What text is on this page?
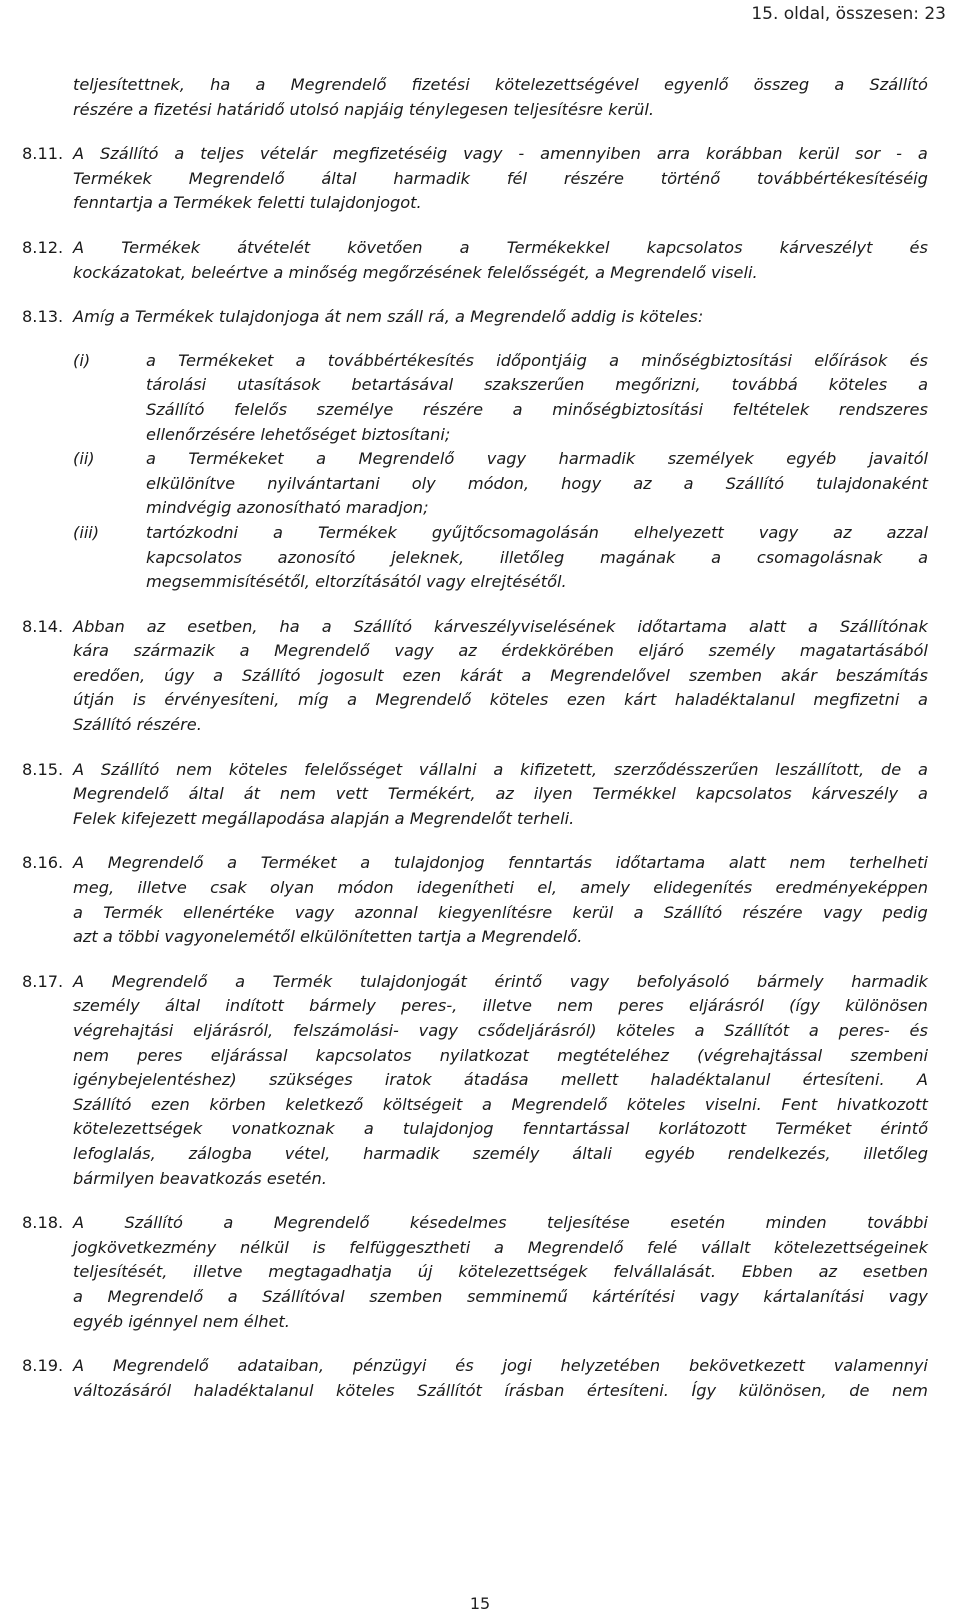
15. oldal, összesen: 23
teljesítettnek, ha a Megrendelő fizetési kötelezettségével egyenlő összeg a Szállító
részére a fizetési határidő utolsó napjáig ténylegesen teljesítésre kerül.
8.11. A Szállító a teljes vételár megfizetéséig vagy - amennyiben arra korábban kerül sor - a
Termékek Megrendelő által harmadik fél részére történő továbbértékesítéséig
fenntartja a Termékek feletti tulajdonjogot.
8.12. A Termékek átvételét követően a Termékekkel kapcsolatos kárveszélyt és
kockázatokat, beleértve a minőség megőrzésének felelősségét, a Megrendelő viseli.
8.13. Amíg a Termékek tulajdonjoga át nem száll rá, a Megrendelő addig is köteles:
(i)	a Termékeket a továbbértékesítés időpontjáig a minőségbiztosítási előírások és
tárolási utasítások betartásával szakszerűen megőrizni, továbbá köteles a
Szállító felelős személye részére a minőségbiztosítási feltételek rendszeres
ellenőrzésére lehetőséget biztosítani;
(ii)	a Termékeket a Megrendelő vagy harmadik személyek egyéb javaitól
elkülönítve nyilvántartani oly módon, hogy az a Szállító tulajdonaként
mindvégig azonosítható maradjon;
(iii)	tartózkodni a Termékek gyűjtőcsomagolásán elhelyezett vagy az azzal
kapcsolatos azonosító jeleknek, illetőleg magának a csomagolásnak a
megsemmisítésétől, eltorzításától vagy elrejtésétől.
8.14. Abban az esetben, ha a Szállító kárveszélyviselésének időtartama alatt a Szállítónak
kára származik a Megrendelő vagy az érdekkörében eljáró személy magatartásából
eredően, úgy a Szállító jogosult ezen kárát a Megrendelővel szemben akár beszámítás
útján is érvényesíteni, míg a Megrendelő köteles ezen kárt haladéktalanul megfizetni a
Szállító részére.
8.15. A Szállító nem köteles felelősséget vállalni a kifizetett, szerződésszerűen leszállított, de a
Megrendelő által át nem vett Termékért, az ilyen Termékkel kapcsolatos kárveszély a
Felek kifejezett megállapodása alapján a Megrendelőt terheli.
8.16. A Megrendelő a Terméket a tulajdonjog fenntartás időtartama alatt nem terhelheti
meg, illetve csak olyan módon idegenítheti el, amely elidegenítés eredményeképpen
a Termék ellenértéke vagy azonnal kiegyenlítésre kerül a Szállító részére vagy pedig
azt a többi vagyonelemétől elkülönítetten tartja a Megrendelő.
8.17. A Megrendelő a Termék tulajdonjogát érintő vagy befolyásoló bármely harmadik
személy által indított bármely peres-, illetve nem peres eljárásról (így különösen
végrehajtási eljárásról, felszámolási- vagy csődeljárásról) köteles a Szállítót a peres- és
nem peres eljárással kapcsolatos nyilatkozat megtételéhez (végrehajtással szembeni
igénybejelentéshez) szükséges iratok átadása mellett haladéktalanul értesíteni. A
Szállító ezen körben keletkező költségeit a Megrendelő köteles viselni. Fent hivatkozott
kötelezettségek vonatkoznak a tulajdonjog fenntartással korlátozott Terméket érintő
lefoglalás, zálogba vétel, harmadik személy általi egyéb rendelkezés, illetőleg
bármilyen beavatkozás esetén.
8.18. A Szállító a Megrendelő késedelmes teljesítése esetén minden további
jogkövetkezmény nélkül is felfüggesztheti a Megrendelő felé vállalt kötelezettségeinek
teljesítését, illetve megtagadhatja új kötelezettségek felvállalását. Ebben az esetben
a Megrendelő a Szállítóval szemben semminemű kártérítési vagy kártalanítási vagy
egyéb igénnyel nem élhet.
8.19. A Megrendelő adataiban, pénzügyi és jogi helyzetében bekövetkezett valamennyi
változásáról haladéktalanul köteles Szállítót írásban értesíteni. Így különösen, de nem
15
